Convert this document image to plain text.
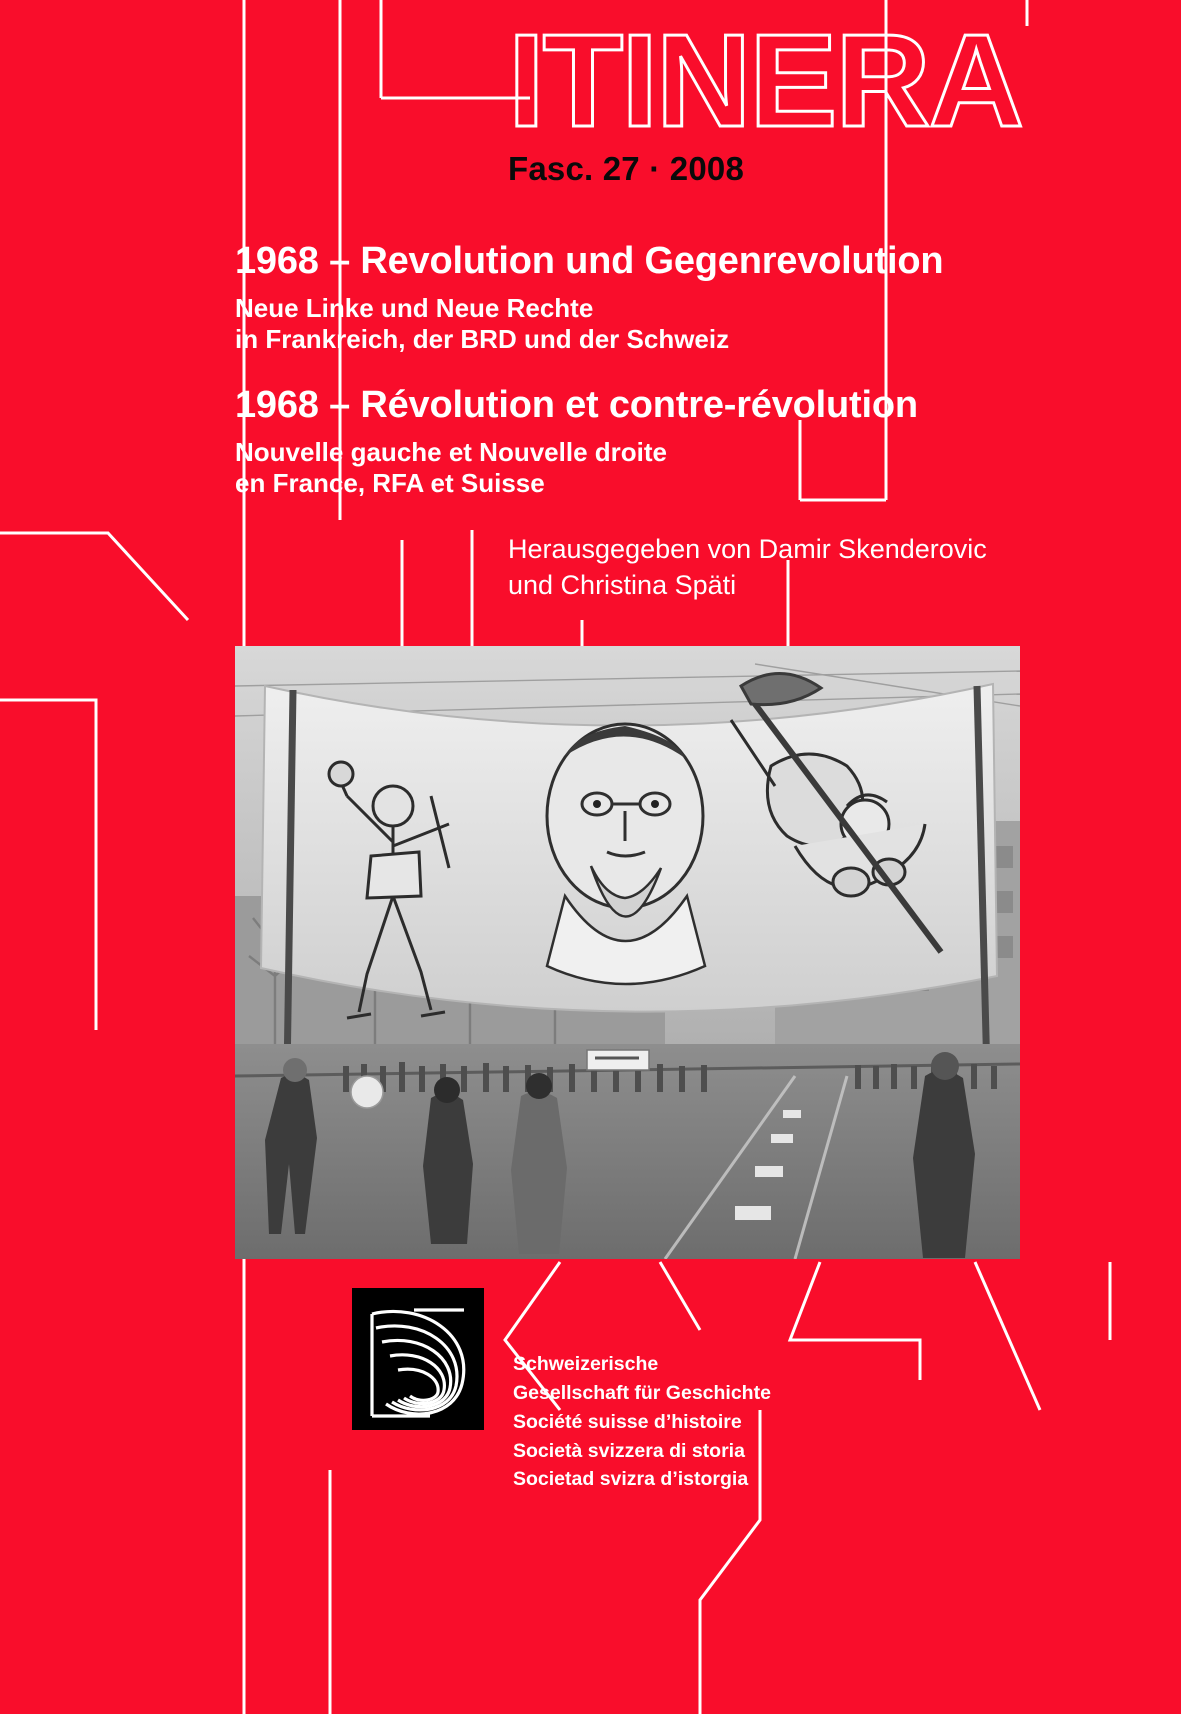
ITINERA
Fasc. 27 · 2008
1968 – Revolution und Gegenrevolution
Neue Linke und Neue Rechte
in Frankreich, der BRD und der Schweiz
1968 – Révolution et contre-révolution
Nouvelle gauche et Nouvelle droite
en France, RFA et Suisse
Herausgegeben von Damir Skenderovic
und Christina Späti
Schweizerische
Gesellschaft für Geschichte
Société suisse d’histoire
Società svizzera di storia
Societad svizra d’istorgia
